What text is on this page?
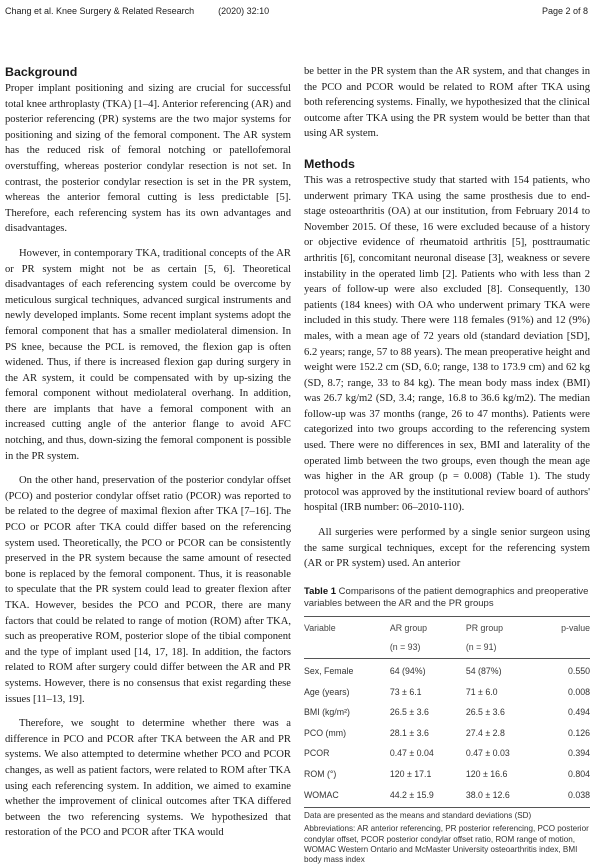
Chang et al. Knee Surgery & Related Research	(2020) 32:10	Page 2 of 8
Background

Proper implant positioning and sizing are crucial for successful total knee arthroplasty (TKA) [1–4]. Anterior referencing (AR) and posterior referencing (PR) systems are the two major systems for positioning and sizing of the femoral component. The AR system has the reduced risk of femoral notching or patellofemoral overstuffing, whereas posterior condylar resection is not set. In contrast, the posterior condylar resection is set in the PR system, whereas the anterior femoral cutting is less predictable [5]. Therefore, each referencing system has its own advantages and disadvantages.

However, in contemporary TKA, traditional concepts of the AR or PR system might not be as certain [5, 6]. Theoretical disadvantages of each referencing system could be overcome by meticulous surgical techniques, advanced surgical instruments and newly developed implants. Some recent implant systems adopt the femoral component that has a smaller mediolateral dimension. In PS knee, because the PCL is removed, the flexion gap is often widened. Thus, if there is increased flexion gap during surgery in the AR system, it could be compensated with by up-sizing the femoral component without mediolateral overhang. In addition, there are implants that have a femoral component with an increased cutting angle of the anterior flange to avoid AFC notching, and thus, down-sizing the femoral component is possible in the PR system.

On the other hand, preservation of the posterior condylar offset (PCO) and posterior condylar offset ratio (PCOR) was reported to be related to the degree of maximal flexion after TKA [7–16]. The PCO or PCOR after TKA could differ based on the referencing system used. Theoretically, the PCO or PCOR can be consistently preserved in the PR system because the same amount of resected bone is replaced by the femoral component. Thus, it is reasonable to speculate that the PR system could lead to greater flexion after TKA. However, besides the PCO and PCOR, there are many factors that could be related to range of motion (ROM) after TKA, such as preoperative ROM, posterior slope of the tibial component and the type of implant used [14, 17, 18]. In addition, the factors related to ROM after surgery could differ between the AR and PR systems. However, there is no consensus that exist regarding these issues [11–13, 19].

Therefore, we sought to determine whether there was a difference in PCO and PCOR after TKA between the AR and PR systems. We also attempted to determine whether PCO and PCOR changes, as well as patient factors, were related to ROM after TKA using each referencing system. In addition, we aimed to examine whether the improvement of clinical outcomes after TKA differed between the two referencing systems. We hypothesized that restoration of the PCO and PCOR after TKA would

be better in the PR system than the AR system, and that changes in the PCO and PCOR would be related to ROM after TKA using both referencing systems. Finally, we hypothesized that the clinical outcome after TKA using the PR system would be better than that using AR system.

Methods

This was a retrospective study that started with 154 patients, who underwent primary TKA using the same prosthesis due to end-stage osteoarthritis (OA) at our institution, from February 2014 to November 2015. Of these, 16 were excluded because of a history or objective evidence of rheumatoid arthritis [5], posttraumatic arthritis [6], concomitant neuronal disease [3], weakness or severe instability in the operated limb [2]. Patients who with less than 2 years of follow-up were also excluded [8]. Consequently, 130 patients (184 knees) with OA who underwent primary TKA were included in this study. There were 118 females (91%) and 12 (9%) males, with a mean age of 72 years old (standard deviation [SD], 6.2 years; range, 57 to 88 years). The mean preoperative height and weight were 152.2 cm (SD, 6.0; range, 138 to 173.9 cm) and 62 kg (SD, 8.7; range, 33 to 84 kg). The mean body mass index (BMI) was 26.7 kg/m2 (SD, 3.4; range, 16.8 to 36.6 kg/m2). The median follow-up was 37 months (range, 26 to 47 months). Patients were categorized into two groups according to the referencing system used. There were no differences in sex, BMI and laterality of the operated limb between the two groups, even though the mean age was higher in the AR group (p = 0.008) (Table 1). The study protocol was approved by the institutional review board of authors' hospital (IRB number: 06–2010-110).

All surgeries were performed by a single senior surgeon using the same surgical techniques, except for the referencing system (AR or PR system) used. An anterior

Table 1 Comparisons of the patient demographics and preoperative variables between the AR and the PR groups
Variable	AR group	PR group	p-value
	(n = 93)	(n = 91)	
Sex, Female	64 (94%)	54 (87%)	0.550
Age (years)	73 ± 6.1	71 ± 6.0	0.008
BMI (kg/m²)	26.5 ± 3.6	26.5 ± 3.6	0.494
PCO (mm)	28.1 ± 3.6	27.4 ± 2.8	0.126
PCOR	0.47 ± 0.04	0.47 ± 0.03	0.394
ROM (°)	120 ± 17.1	120 ± 16.6	0.804
WOMAC	44.2 ± 15.9	38.0 ± 12.6	0.038
Data are presented as the means and standard deviations (SD)
Abbreviations: AR anterior referencing, PR posterior referencing, PCO posterior condylar offset, PCOR posterior condylar offset ratio, ROM range of motion, WOMAC Western Ontario and McMaster University osteoarthritis index, BMI body mass index
